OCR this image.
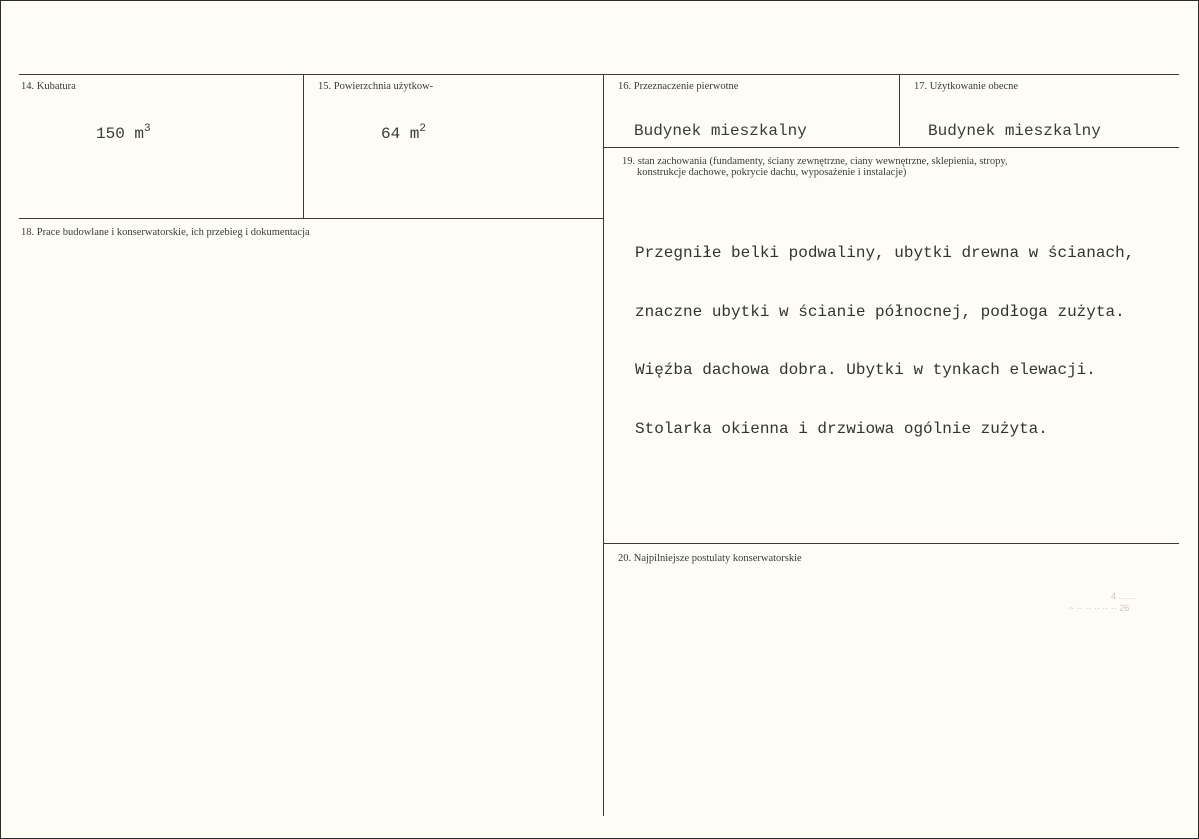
14. Kubatura
150 $m^3$
15. Powierzchnia użytkow-
64 $m^2$
16. Przeznaczenie pierwotne
Budynek mieszkalny
17. Użytkowanie obecne
Budynek mieszkalny
18. Prace budowlane i konserwatorskie, ich przebieg i dokumentacja
19. stan zachowania (fundamenty, ściany zewnętrzne, ciany wewnętrzne, sklepienia, stropy,
konstrukcje dachowe, pokrycie dachu, wyposażenie i instalacje)

Przegniłe belki podwaliny, ubytki drewna w ścianach,

znaczne ubytki w ścianie północnej, podłoga zużyta.

Więźba dachowa dobra. Ubytki w tynkach elewacji.

Stolarka okienna i drzwiowa ogólnie zużyta.

20. Najpilniejsze postulaty konserwatorskie
4 .......
~ ·· ·· ·· ·· ·· 26
